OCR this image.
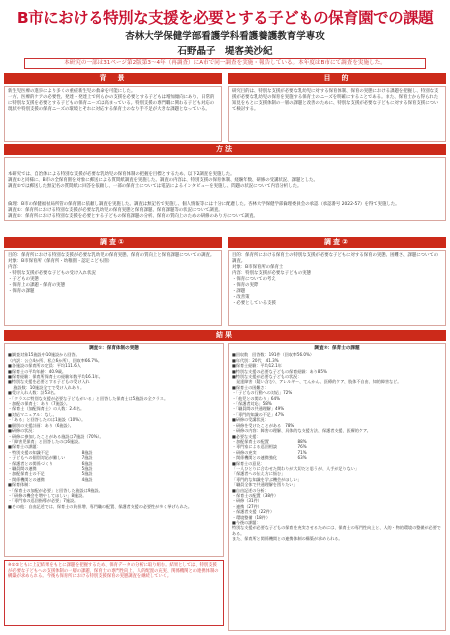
B市における特別な支援を必要とする子どもの保育園での課題
杏林大学保健学部看護学科看護養護教育学専攻
石野晶子　堤客美沙紀
本研究の一部は31ページ第2版第3〜4年（再調査）にA市で同一調査を実施・報告している。本年度はB市にて調査を実施した。
背　景	目　的
新生児医療の進歩により多くの重症新生児の救命を可能にした。
一方、医療的ケアの必要性、発達・発達上で何らかの支援を必要とする子どもは増加傾向にあり、日常的に特別な支援を必要とする子どもの保育ニーズは高まっている。特別支援の専門職に関わる子ども対応の現状や特別支援の保育ニーズの環境とそれに対応する保育士のなり手不足が大きな課題となっている。
研究目的は、特別な支援が必要な乳幼児に対する保育体制、保育の実態における課題を把握し、特別な支援が必要な乳幼児の保育を実施する保育士のニーズを明確にすることである。また、保育士から得られた知見をもとに支援体制の一層の課題と改善のために、特別な支援が必要な子どもに対する保育支援について検討する。
方法

本研究では、自治体による特別な支援が必要な乳幼児の保育体制の把握を目標とするため、以下2調査を実施した。
調査①と同様に、B市の全保育園を対象に郵送による質問紙調査を実施した。調査の内容は、特別支援の保育体制、経験年数、研修の受講状況、課題とした。
調査②では郵送した無記名の質問紙に回答を依頼し、一部の保育士については電話によるインタビューを実施し、問題の状況について内容分析した。

倫理：B市の保健福祉局所管の保育園に依頼し調査を実施した。調査は無記名で実施し、個人情報等には十分に配慮した。杏林大学保健学部倫理委員会の承認（承認番号 2022-57）を得て実施した。
調査①：保育所における特別な支援が必要な乳幼児の保育実態と保育課題、保育課題等の状況について調査。
調査②：保育所における特別な支援を必要とする子どもの保育課題の分析、保育の質向上のための研修のあり方について調査。

調査①	調査②
目的：保育所における特別な支援が必要な乳幼児の保育実態、保育の質向上と保育課題についての調査。
対象：B市保育所（保育所・幼稚園・認定こども園）
内容：
・特別な支援が必要な子どもの受け入れ状況
・子どもの実態
・保育上の課題・保育の実態
・保育の課題
目的：保育所における保育士の特別な支援が必要な子どもに対する保育の実態、困難さ、課題についての調査。
対象：B市保育所の保育士
内容：特別な支援が必要な子どもの実態
・保育についての考え
・保育の実際
・課題
・改善策
・必要としている支援
結果
調査①：保育体制の実態
■調査対象15施設中10施設から回答。
（内訳：公立4か所、私立6か所）、回収率66.7%。
■各施設の保育所の定員：平均111.6人
■保育士の平均年齢：40.9歳。
■保育経験：保育所保育士の経験年数平均16.1年。
■特別な支援を必要とする子どもの受け入れ
　 施設数：10施設全てで受け入れあり。
■受け入れ人数：計53名。
・「クラスに特別な支援が必要な子どもがいる」と回答した保育士は5施設の全クラス。
・加配の保育士：あり（7施設）。
・保育士（加配保育士）の人数：2.4名。
■対応マニュアル：なし。
・「ある」と回答したのは1施設（10%）。
■個別の支援計画：あり（6施設）。
■研修の状況：
・研修に参加したことがある施設は7施設（70%）。
・「障害児保育」と回答したのは6施設。
■保育士の課題：
・特別支援の知識不足　　　　　　　　8施設
・子どもへの個別対応が難しい　　　　7施設
・保護者との関係づくり　　　　　　　6施設
・職員間の連携　　　　　　　　　　　5施設
・加配保育士の不足　　　　　　　　　5施設
・関係機関との連携　　　　　　　　　4施設
■保育体制：
・「保育士の加配が必要」と回答した施設は9施設。
・「研修の機会を増やしてほしい」8施設。
・「専門家の巡回指導が必要」7施設。
■その他：自由記述では、保育士の負担増、専門職の配置、保護者支援の必要性が多く挙げられた。
調査②：保育士の課題
■回収数　回答数：191件（回収率56.0%）
■年代別：20代　41.3%
■保育士経験：平均12.1年
■特別な支援の必要な子どもの保育経験：あり85%
■特別な支援が必要な子どもの状況：
　発達障害（疑い含む）、アレルギー、てんかん、医療的ケア、肢体不自由、知的障害など。
■保育士の困難さ：
・「子どもの行動への対応」72%
・「他児との関わり」64%
・「保護者対応」58%
・「職員間の共通理解」49%
・「専門的知識の不足」47%
■研修の受講状況：
・研修を受けたことがある　78%
・研修の内容：障害の理解、具体的な支援方法、保護者支援、医療的ケア。
■必要な支援：
・加配保育士の配置　　　　　　　88%
・専門家による巡回相談　　　　　76%
・研修の充実　　　　　　　　　　71%
・関係機関との連携強化　　　　　63%
■保育士の意見：
「一人ひとりに合わせた関わりが大切だと思うが、人手が足りない」
「保護者への伝え方に悩む」
「専門的な知識を学ぶ機会がほしい」
「職員全体で共通理解を図りたい」
■自由記述の分析：
・保育士の配置（38件）
・研修（31件）
・連携（27件）
・保護者支援（22件）
・環境整備（18件）
■今後の課題：
特別な支援が必要な子どもの保育を充実させるためには、保育士の専門性向上と、人的・物的環境の整備が必要である。
また、保育所と関係機関との連携体制の構築が求められる。
※①②ともに上記結果をもとに課題を把握するため、保育データの分析に取り組む。結果としては、特別支援が必要な子どもへの支援体制の一層の課題、保育士の専門性向上、人的配置の充実、関係機関との連携体制の構築が求められる。今後も保育所における特別支援保育の実態調査を継続していく。
